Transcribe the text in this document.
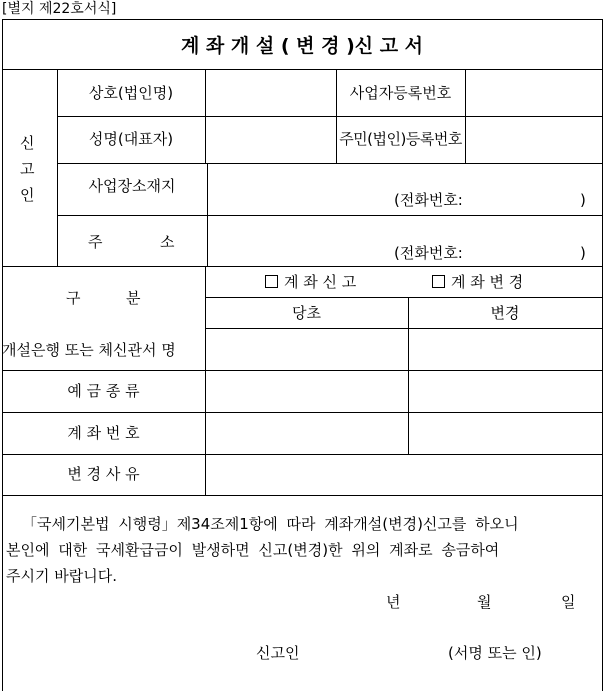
[별지 제22호서식]
계 좌 개 설 ( 변 경 )신 고 서
신
고
인
상호(법인명)	사업자등록번호
성명(대표자)	주민(법인)등록번호
사업장소재지
(전화번호:	)
주	소
(전화번호:	)
구	분
계 좌 신 고	계 좌 변 경
당초	변경
개설은행 또는 체신관서 명
예 금 종 류
계 좌 번 호
변 경 사 유
「국세기본법 시행령」제34조제1항에 따라 계좌개설(변경)신고를 하오니
본인에 대한 국세환급금이 발생하면 신고(변경)한 위의 계좌로 송금하여
주시기 바랍니다.
년	월	일
신고인	(서명 또는 인)
